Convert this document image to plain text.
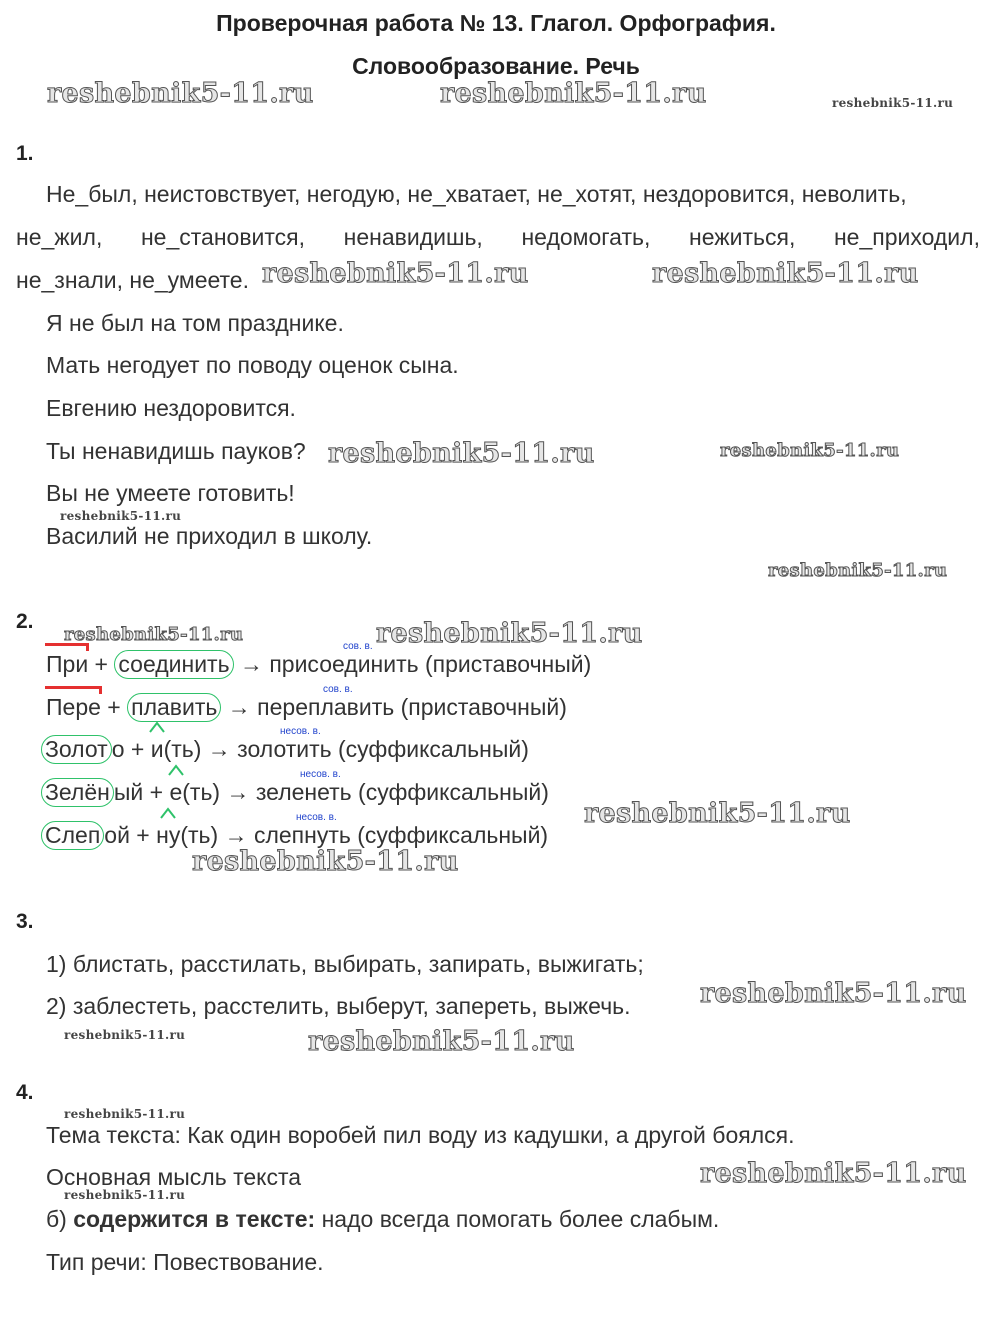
Проверочная работа № 13. Глагол. Орфография.
Словообразование. Речь
reshebnik5-11.ru	reshebnik5-11.ru	reshebnik5-11.ru
reshebnik5-11.ru	reshebnik5-11.ru
reshebnik5-11.ru	reshebnik5-11.ru
reshebnik5-11.ru
reshebnik5-11.ru
reshebnik5-11.ru	reshebnik5-11.ru
reshebnik5-11.ru
reshebnik5-11.ru
reshebnik5-11.ru
reshebnik5-11.ru	reshebnik5-11.ru
reshebnik5-11.ru
reshebnik5-11.ru
reshebnik5-11.ru
1.
Не_был, неистовствует, негодую, не_хватает, не_хотят, нездоровится, неволить,
не_жил, не_становится, ненавидишь, недомогать, нежиться, не_приходил,
не_знали, не_умеете.
Я не был на том празднике.
Мать негодует по поводу оценок сына.
Евгению нездоровится.
Ты ненавидишь пауков?
Вы не умеете готовить!
Василий не приходил в школу.
2.
сов. в.
При + соединить → присоединить (приставочный)
сов. в.
Пере + плавить → переплавить (приставочный)
несов. в.
Золот о +
и(ть) → золотить (суффиксальный)
несов. в.
Зелён ый +
е(ть) → зеленеть (суффиксальный)
несов. в.
Слеп ой +
ну(ть) → слепнуть (суффиксальный)
3.
1) блистать, расстилать, выбирать, запирать, выжигать;
2) заблестеть, расстелить, выберут, запереть, выжечь.
4.
Тема текста: Как один воробей пил воду из кадушки, а другой боялся.
Основная мысль текста
б) содержится в тексте: надо всегда помогать более слабым.
Тип речи: Повествование.
